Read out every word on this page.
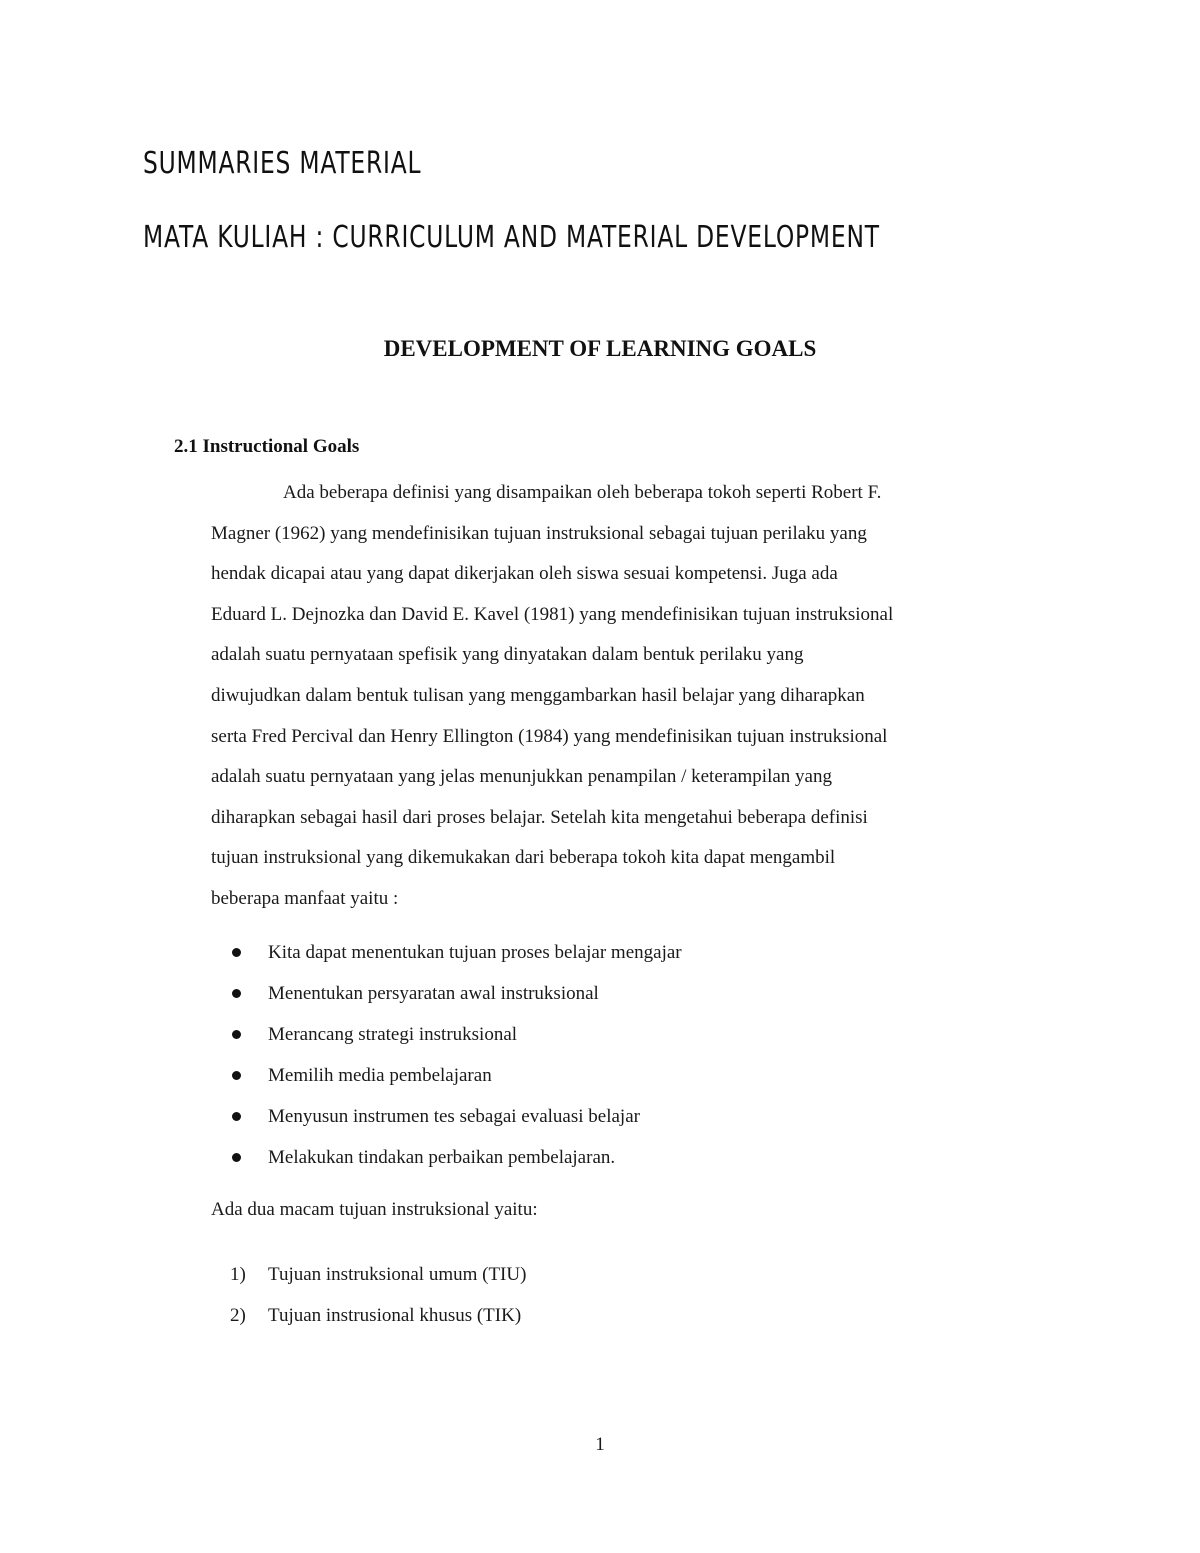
SUMMARIES MATERIAL
MATA KULIAH : CURRICULUM AND MATERIAL DEVELOPMENT
DEVELOPMENT OF LEARNING GOALS
2.1 Instructional Goals
Ada beberapa definisi yang disampaikan oleh beberapa tokoh seperti Robert F.
Magner (1962) yang mendefinisikan tujuan instruksional sebagai tujuan perilaku yang
hendak dicapai atau yang dapat dikerjakan oleh siswa sesuai kompetensi. Juga ada
Eduard L. Dejnozka dan David E. Kavel (1981) yang mendefinisikan tujuan instruksional
adalah suatu pernyataan spefisik yang dinyatakan dalam bentuk perilaku yang
diwujudkan dalam bentuk tulisan yang menggambarkan hasil belajar yang diharapkan
serta Fred Percival dan Henry Ellington (1984) yang mendefinisikan tujuan instruksional
adalah suatu pernyataan yang jelas menunjukkan penampilan / keterampilan yang
diharapkan sebagai hasil dari proses belajar. Setelah kita mengetahui beberapa definisi
tujuan instruksional yang dikemukakan dari beberapa tokoh kita dapat mengambil
beberapa manfaat yaitu :
Kita dapat menentukan tujuan proses belajar mengajar
Menentukan persyaratan awal instruksional
Merancang strategi instruksional
Memilih media pembelajaran
Menyusun instrumen tes sebagai evaluasi belajar
Melakukan tindakan perbaikan pembelajaran.
Ada dua macam tujuan instruksional yaitu:
1) Tujuan instruksional umum (TIU)
2) Tujuan instrusional khusus (TIK)
1
